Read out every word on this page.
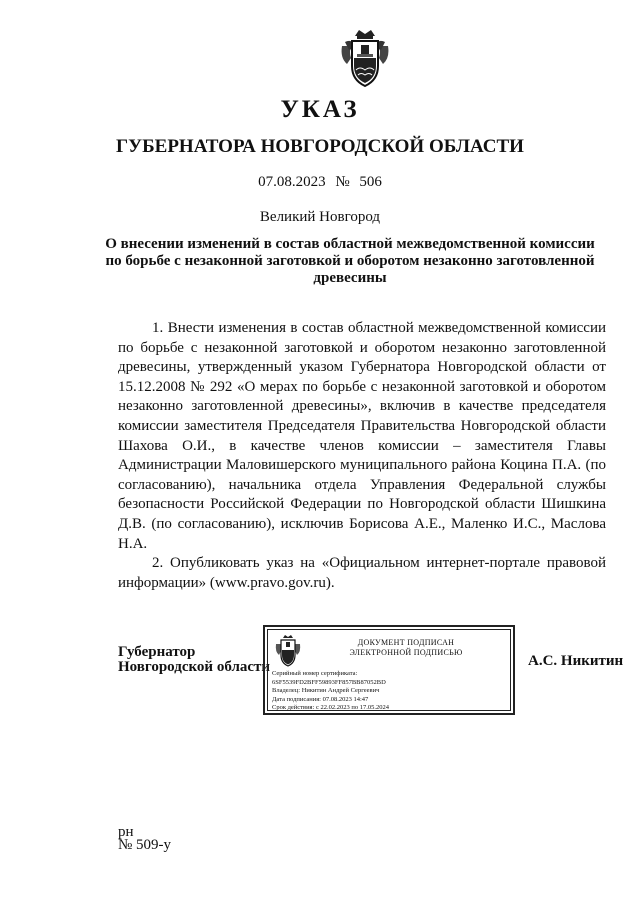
УКАЗ
ГУБЕРНАТОРА НОВГОРОДСКОЙ ОБЛАСТИ
07.08.2023 № 506
Великий Новгород
О внесении изменений в состав областной межведомственной комиссии по борьбе с незаконной заготовкой и оборотом незаконно заготовленной древесины

1. Внести изменения в состав областной межведомственной комиссии по борьбе с незаконной заготовкой и оборотом незаконно заготовленной древесины, утвержденный указом Губернатора Новгородской области от 15.12.2008 № 292 «О мерах по борьбе с незаконной заготовкой и оборотом незаконно заготовленной древесины», включив в качестве председателя комиссии заместителя Председателя Правительства Новгородской области Шахова О.И., в качестве членов комиссии – заместителя Главы Администрации Маловишерского муниципального района Коцина П.А. (по согласованию), начальника отдела Управления Федеральной службы безопасности Российской Федерации по Новгородской области Шишкина Д.В. (по согласованию), исключив Борисова А.Е., Маленко И.С., Маслова Н.А.

2. Опубликовать указ на «Официальном интернет-портале правовой информации» (www.pravo.gov.ru).

Губернатор
Новгородской области
ДОКУМЕНТ ПОДПИСАН
ЭЛЕКТРОННОЙ ПОДПИСЬЮ
Серийный номер сертификата:
6SF5539FD2BFF59893FF857BB87052BD
Владелец: Никитин Андрей Сергеевич
Дата подписания: 07.08.2023 14:47
Срок действия: с 22.02.2023 по 17.05.2024
А.С. Никитин
рн
№ 509-у
